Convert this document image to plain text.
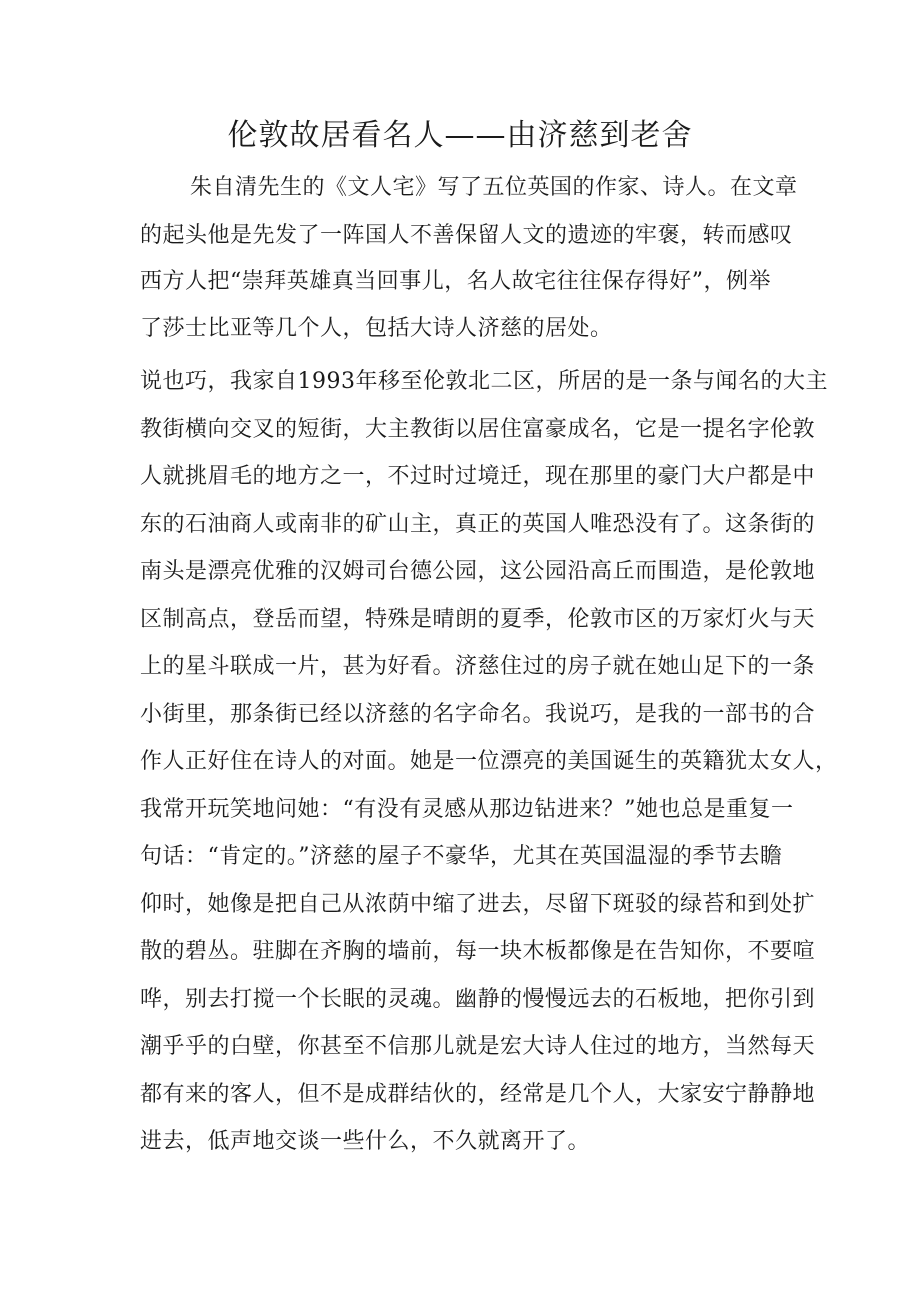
伦敦故居看名人——由济慈到老舍
朱自清先生的《文人宅》写了五位英国的作家、诗人。在文章
的起头他是先发了一阵国人不善保留人文的遗迹的牢褒，转而感叹
西方人把“崇拜英雄真当回事儿，名人故宅往往保存得好”，例举
了莎士比亚等几个人，包括大诗人济慈的居处。
说也巧，我家自1993年移至伦敦北二区，所居的是一条与闻名的大主
教街横向交叉的短街，大主教街以居住富豪成名，它是一提名字伦敦
人就挑眉毛的地方之一，不过时过境迁，现在那里的豪门大户都是中
东的石油商人或南非的矿山主，真正的英国人唯恐没有了。这条街的
南头是漂亮优雅的汉姆司台德公园，这公园沿高丘而围造，是伦敦地
区制高点，登岳而望，特殊是晴朗的夏季，伦敦市区的万家灯火与天
上的星斗联成一片，甚为好看。济慈住过的房子就在她山足下的一条
小街里，那条街已经以济慈的名字命名。我说巧，是我的一部书的合
作人正好住在诗人的对面。她是一位漂亮的美国诞生的英籍犹太女人，
我常开玩笑地问她：“有没有灵感从那边钻进来？”她也总是重复一
句话：“肯定的。”济慈的屋子不豪华，尤其在英国温湿的季节去瞻
仰时，她像是把自己从浓荫中缩了进去，尽留下斑驳的绿苔和到处扩
散的碧丛。驻脚在齐胸的墙前，每一块木板都像是在告知你，不要喧
哗，别去打搅一个长眠的灵魂。幽静的慢慢远去的石板地，把你引到
潮乎乎的白壁，你甚至不信那儿就是宏大诗人住过的地方，当然每天
都有来的客人，但不是成群结伙的，经常是几个人，大家安宁静静地
进去，低声地交谈一些什么，不久就离开了。
